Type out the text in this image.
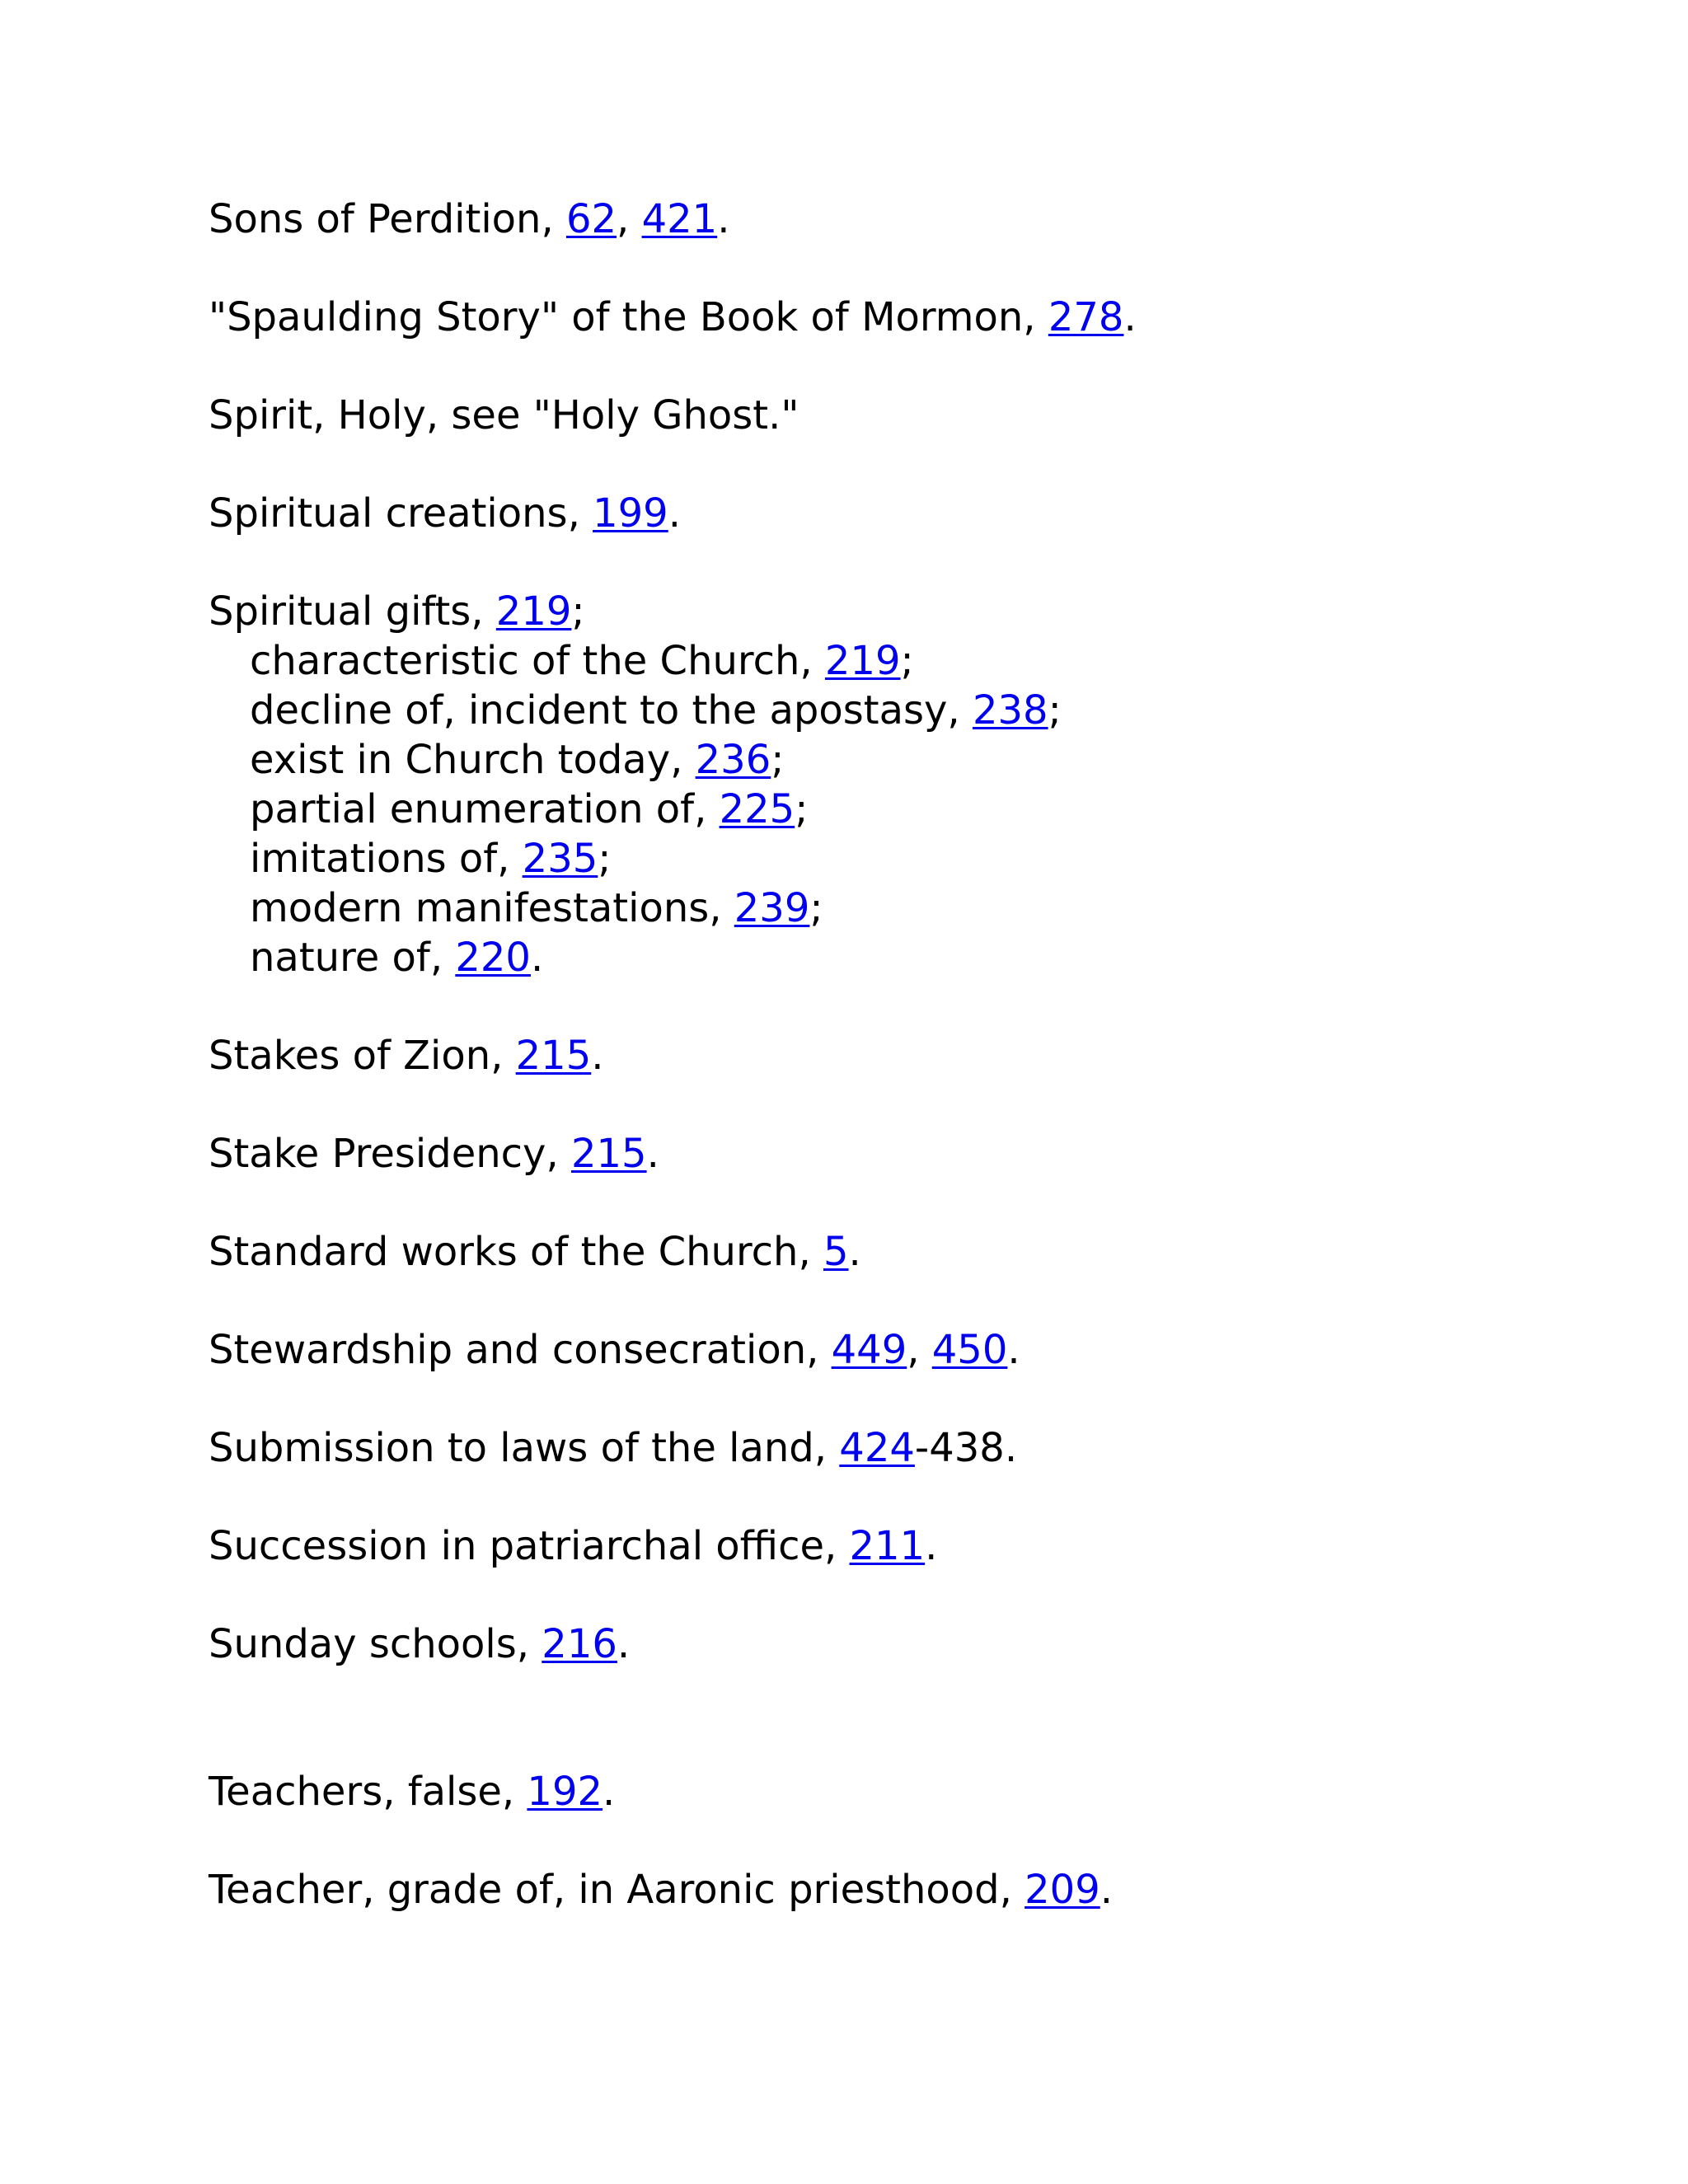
Sons of Perdition, 62, 421.
"Spaulding Story" of the Book of Mormon, 278.
Spirit, Holy, see "Holy Ghost."
Spiritual creations, 199.
Spiritual gifts, 219;
characteristic of the Church, 219;
decline of, incident to the apostasy, 238;
exist in Church today, 236;
partial enumeration of, 225;
imitations of, 235;
modern manifestations, 239;
nature of, 220.
Stakes of Zion, 215.
Stake Presidency, 215.
Standard works of the Church, 5.
Stewardship and consecration, 449, 450.
Submission to laws of the land, 424-438.
Succession in patriarchal office, 211.
Sunday schools, 216.
Teachers, false, 192.
Teacher, grade of, in Aaronic priesthood, 209.
